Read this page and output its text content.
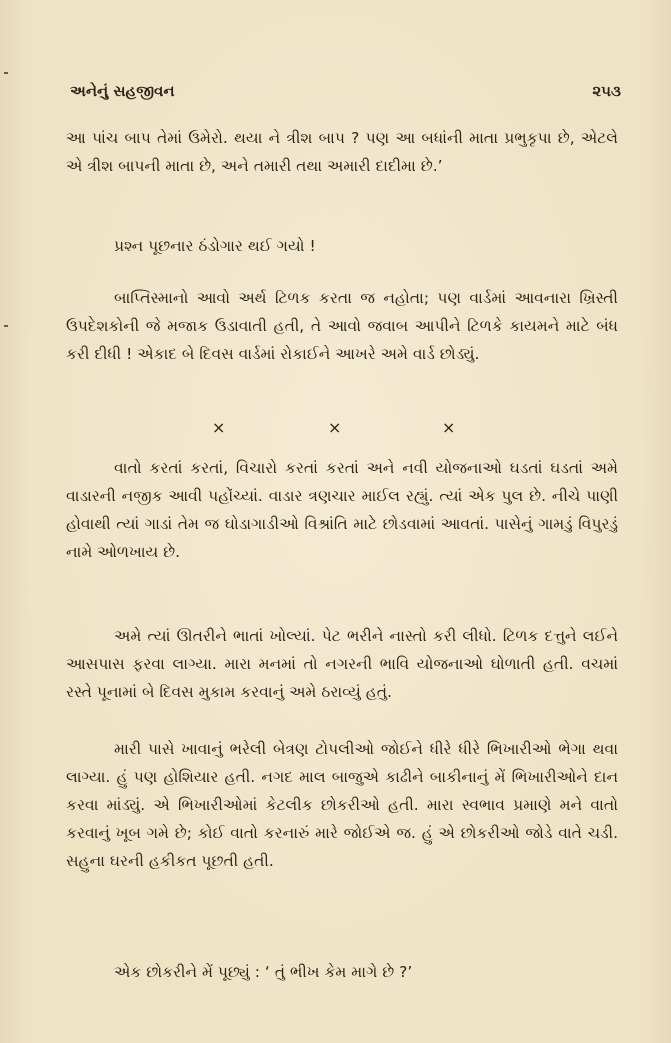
અનેનું સહજીવન	૨૫૩

આ પાંચ બાપ તેમાં ઉમેરો. થયા ને ત્રીશ બાપ ? પણ આ બધાંની માતા પ્રભુકૃપા છે, એટલે એ ત્રીશ બાપની માતા છે, અને તમારી તથા અમારી દાદીમા છે.’

પ્રશ્ન પૂછનાર ઠંડોગાર થઈ ગયો !

બાપ્તિસ્માનો આવો અર્થ ટિળક કરતા જ નહોતા; પણ વાર્ડમાં આવનારા ખ્રિસ્તી ઉપદેશકોની જે મજાક ઉડાવાતી હતી, તે આવો જવાબ આપીને ટિળકે કાયમને માટે બંધ કરી દીધી ! એકાદ બે દિવસ વાર્ડમાં રોકાઈને આખરે અમે વાર્ડ છોડ્યું.

×	×	×

વાતો કરતાં કરતાં, વિચારો કરતાં કરતાં અને નવી યોજનાઓ ઘડતાં ઘડતાં અમે વાડારની નજીક આવી પહોંચ્યાં. વાડાર ત્રણચાર માઈલ રહ્યું. ત્યાં એક પુલ છે. નીચે પાણી હોવાથી ત્યાં ગાડાં તેમ જ ઘોડાગાડીઓ વિશ્રાંતિ માટે છોડવામાં આવતાં. પાસેનું ગામડું વિપુરડું નામે ઓળખાય છે.

અમે ત્યાં ઊતરીને ભાતાં ખોલ્યાં. પેટ ભરીને નાસ્તો કરી લીધો. ટિળક દત્તુને લઈને આસપાસ ફરવા લાગ્યા. મારા મનમાં તો નગરની ભાવિ યોજનાઓ ઘોળાતી હતી. વચમાં રસ્તે પૂનામાં બે દિવસ મુકામ કરવાનું અમે ઠરાવ્યું હતું.

મારી પાસે ખાવાનું ભરેલી બેત્રણ ટોપલીઓ જોઈને ધીરે ધીરે ભિખારીઓ ભેગા થવા લાગ્યા. હું પણ હોશિયાર હતી. નગદ માલ બાજુએ કાઢીને બાકીનાનું મેં ભિખારીઓને દાન કરવા માંડ્યું. એ ભિખારીઓમાં કેટલીક છોકરીઓ હતી. મારા સ્વભાવ પ્રમાણે મને વાતો કરવાનું ખૂબ ગમે છે; કોઈ વાતો કરનારું મારે જોઈએ જ. હું એ છોકરીઓ જોડે વાતે ચડી. સહુના ઘરની હકીકત પૂછતી હતી.

એક છોકરીને મેં પૂછ્યું : ‘ તું ભીખ કેમ માગે છે ?’
